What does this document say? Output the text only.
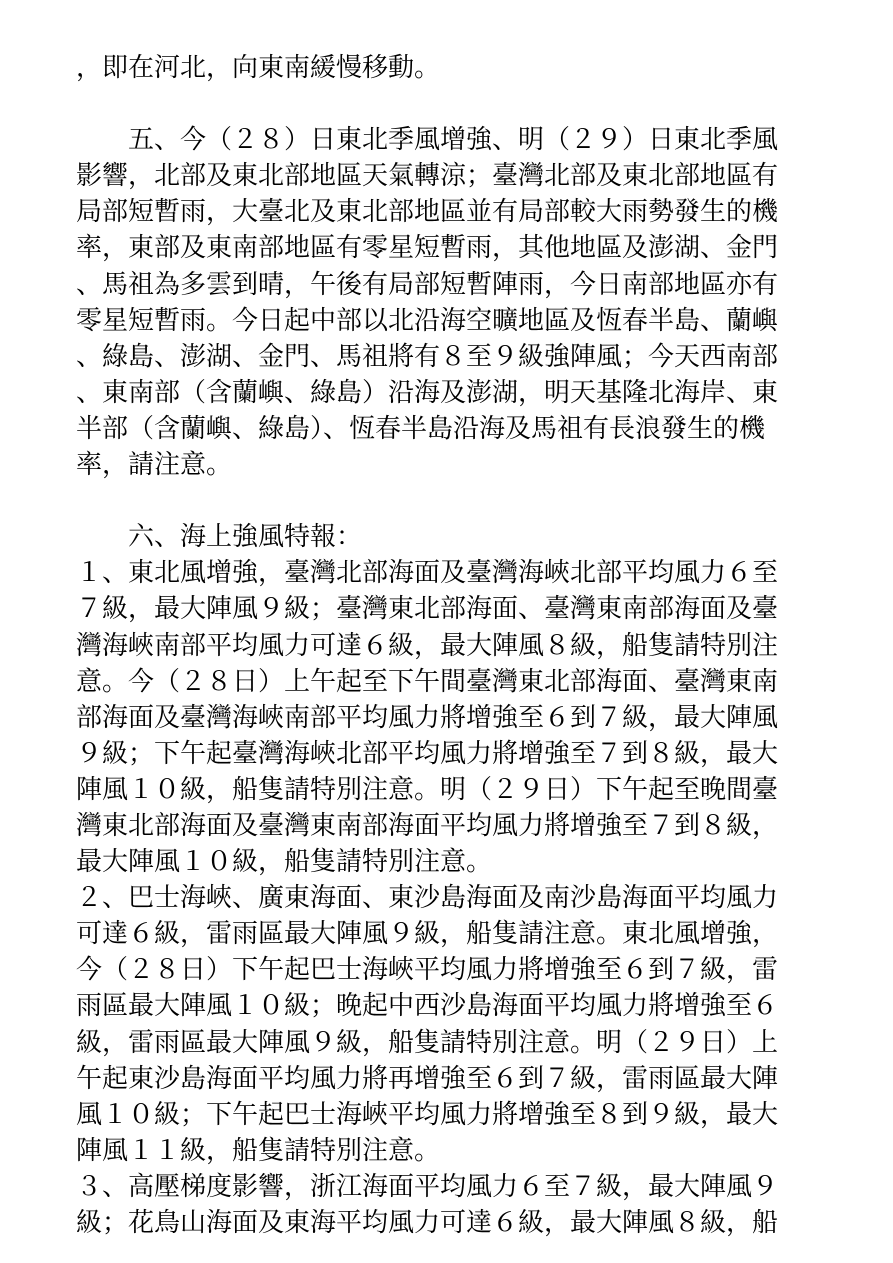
，即在河北，向東南緩慢移動。
　　五、今（２８）日東北季風增強、明（２９）日東北季風
影響，北部及東北部地區天氣轉涼；臺灣北部及東北部地區有
局部短暫雨，大臺北及東北部地區並有局部較大雨勢發生的機
率，東部及東南部地區有零星短暫雨，其他地區及澎湖、金門
、馬祖為多雲到晴，午後有局部短暫陣雨，今日南部地區亦有
零星短暫雨。今日起中部以北沿海空曠地區及恆春半島、蘭嶼
、綠島、澎湖、金門、馬祖將有８至９級強陣風；今天西南部
、東南部（含蘭嶼、綠島）沿海及澎湖，明天基隆北海岸、東
半部（含蘭嶼、綠島）、恆春半島沿海及馬祖有長浪發生的機
率，請注意。
　　六、海上強風特報：
１、東北風增強，臺灣北部海面及臺灣海峽北部平均風力６至
７級，最大陣風９級；臺灣東北部海面、臺灣東南部海面及臺
灣海峽南部平均風力可達６級，最大陣風８級，船隻請特別注
意。今（２８日）上午起至下午間臺灣東北部海面、臺灣東南
部海面及臺灣海峽南部平均風力將增強至６到７級，最大陣風
９級；下午起臺灣海峽北部平均風力將增強至７到８級，最大
陣風１０級，船隻請特別注意。明（２９日）下午起至晚間臺
灣東北部海面及臺灣東南部海面平均風力將增強至７到８級，
最大陣風１０級，船隻請特別注意。
２、巴士海峽、廣東海面、東沙島海面及南沙島海面平均風力
可達６級，雷雨區最大陣風９級，船隻請注意。東北風增強，
今（２８日）下午起巴士海峽平均風力將增強至６到７級，雷
雨區最大陣風１０級；晚起中西沙島海面平均風力將增強至６
級，雷雨區最大陣風９級，船隻請特別注意。明（２９日）上
午起東沙島海面平均風力將再增強至６到７級，雷雨區最大陣
風１０級；下午起巴士海峽平均風力將增強至８到９級，最大
陣風１１級，船隻請特別注意。
３、高壓梯度影響，浙江海面平均風力６至７級，最大陣風９
級；花鳥山海面及東海平均風力可達６級，最大陣風８級，船
